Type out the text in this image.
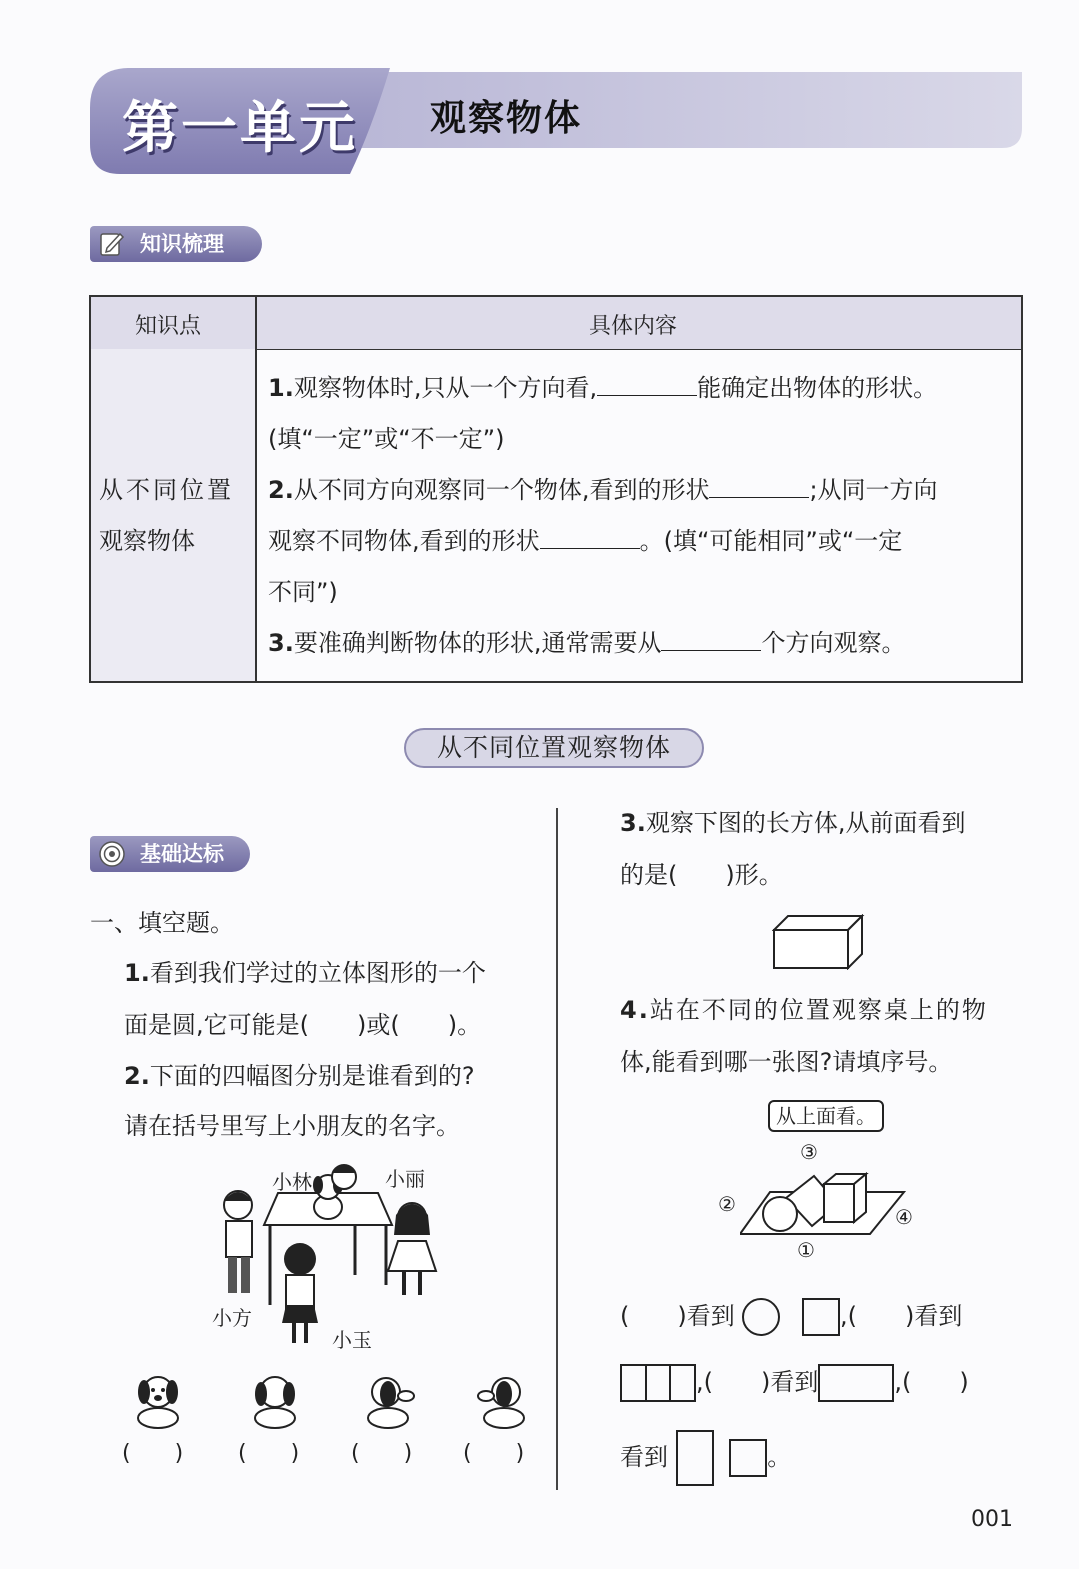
第一单元 观察物体
知识梳理
知识点	具体内容
从不同位置
观察物体
1.观察物体时,只从一个方向看,	能确定出物体的形状。
(填“一定”或“不一定”)
2.从不同方向观察同一个物体,看到的形状	;从同一方向
观察不同物体,看到的形状	。(填“可能相同”或“一定
不同”)
3.要准确判断物体的形状,通常需要从	个方向观察。
从不同位置观察物体
基础达标
一、填空题。
1.看到我们学过的立体图形的一个
面是圆,它可能是(　　)或(　　)。
2.下面的四幅图分别是谁看到的?
请在括号里写上小朋友的名字。
小林	小丽
小方
小玉
(　　) (　　) (　　) (　　)
3.观察下图的长方体,从前面看到
的是(　　)形。
4.站在不同的位置观察桌上的物
体,能看到哪一张图?请填序号。
从上面看。
③
②
④
①
(　　)看到	,(　　)看到
,(　　)看到	,(　　)
看到	。
001
